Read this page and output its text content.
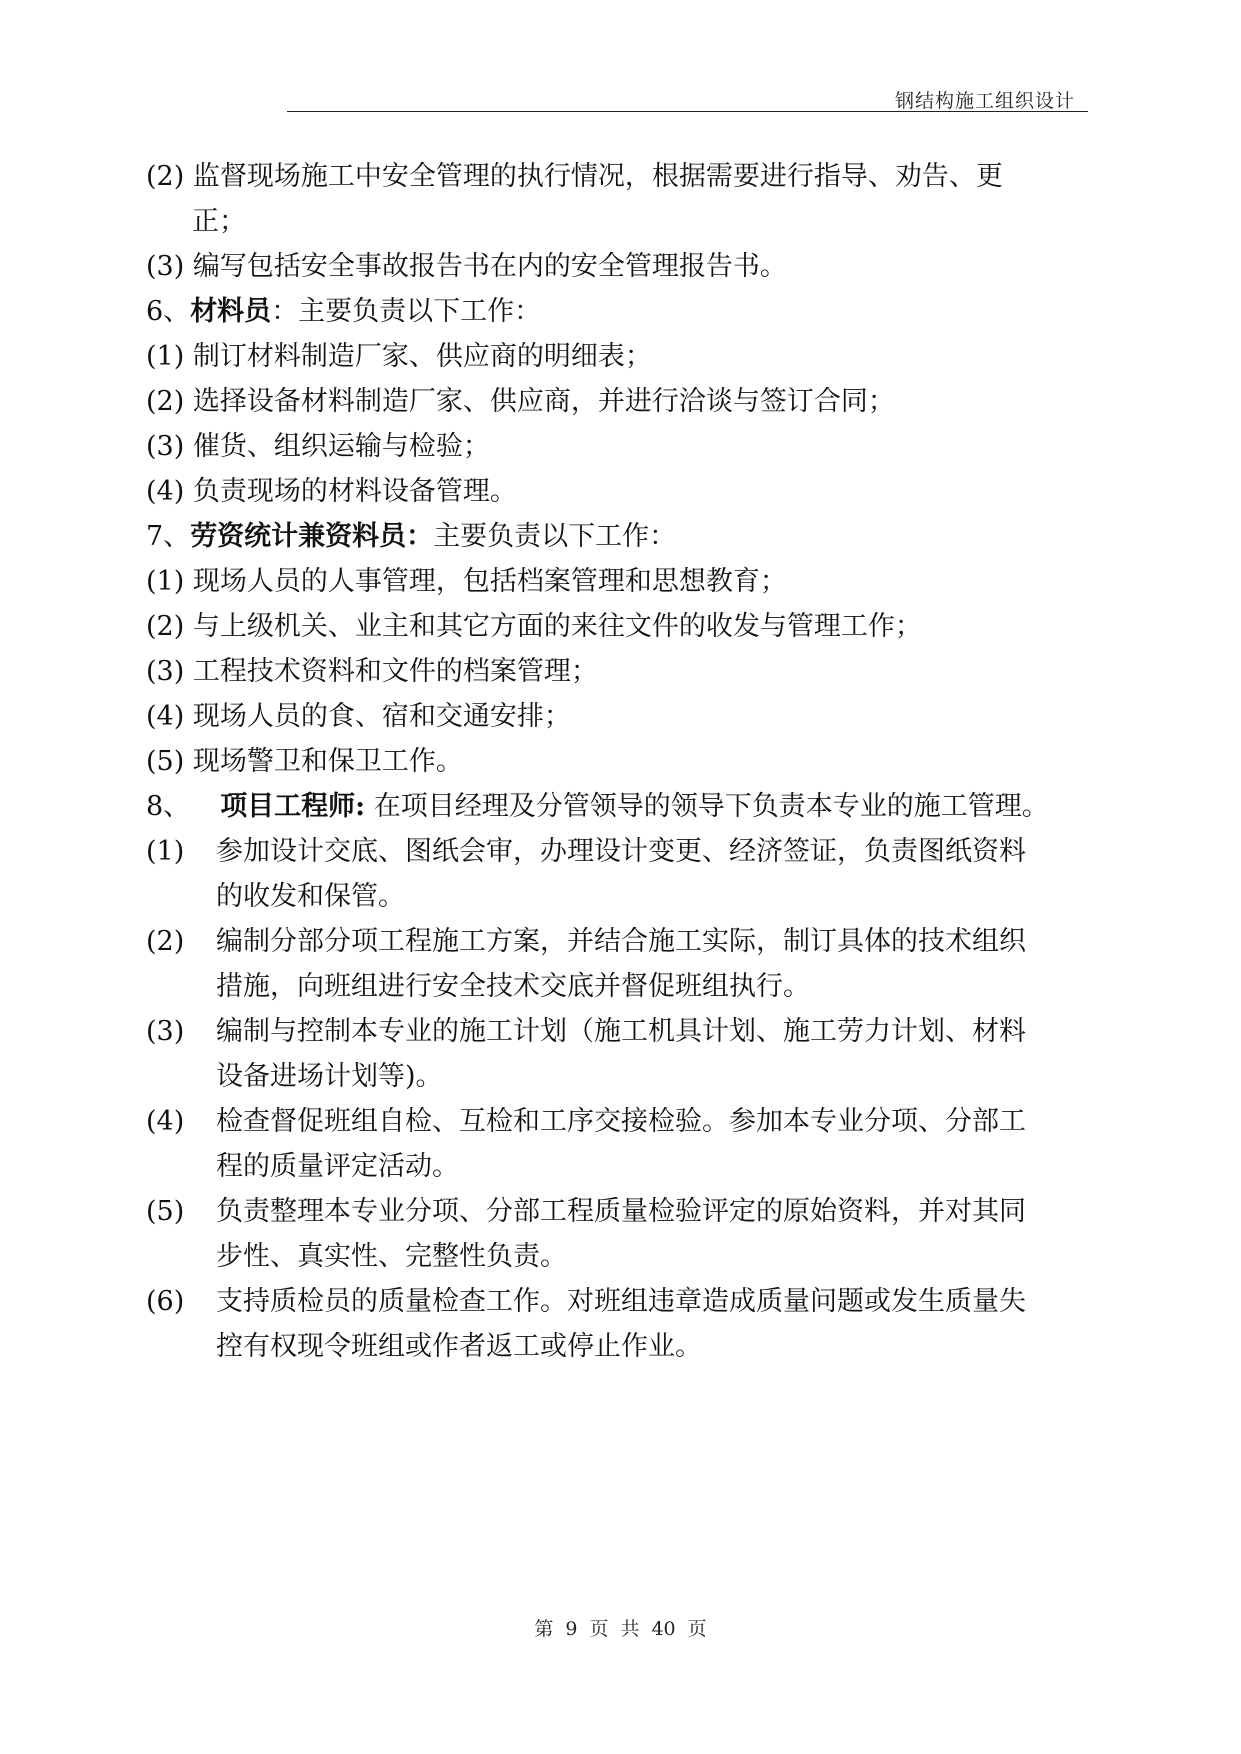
钢结构施工组织设计
(2) 监督现场施工中安全管理的执行情况，根据需要进行指导、劝告、更
正；
(3) 编写包括安全事故报告书在内的安全管理报告书。
6、材料员：主要负责以下工作：
(1) 制订材料制造厂家、供应商的明细表；
(2) 选择设备材料制造厂家、供应商，并进行洽谈与签订合同；
(3) 催货、组织运输与检验；
(4) 负责现场的材料设备管理。
7、劳资统计兼资料员：主要负责以下工作：
(1) 现场人员的人事管理，包括档案管理和思想教育；
(2) 与上级机关、业主和其它方面的来往文件的收发与管理工作；
(3) 工程技术资料和文件的档案管理；
(4) 现场人员的食、宿和交通安排；
(5) 现场警卫和保卫工作。
8、 项目工程师: 在项目经理及分管领导的领导下负责本专业的施工管理。
(1) 参加设计交底、图纸会审，办理设计变更、经济签证，负责图纸资料
的收发和保管。
(2) 编制分部分项工程施工方案，并结合施工实际，制订具体的技术组织
措施，向班组进行安全技术交底并督促班组执行。
(3) 编制与控制本专业的施工计划（施工机具计划、施工劳力计划、材料
设备进场计划等)。
(4) 检查督促班组自检、互检和工序交接检验。参加本专业分项、分部工
程的质量评定活动。
(5) 负责整理本专业分项、分部工程质量检验评定的原始资料，并对其同
步性、真实性、完整性负责。
(6) 支持质检员的质量检查工作。对班组违章造成质量问题或发生质量失
控有权现令班组或作者返工或停止作业。
第 9 页 共 40 页
